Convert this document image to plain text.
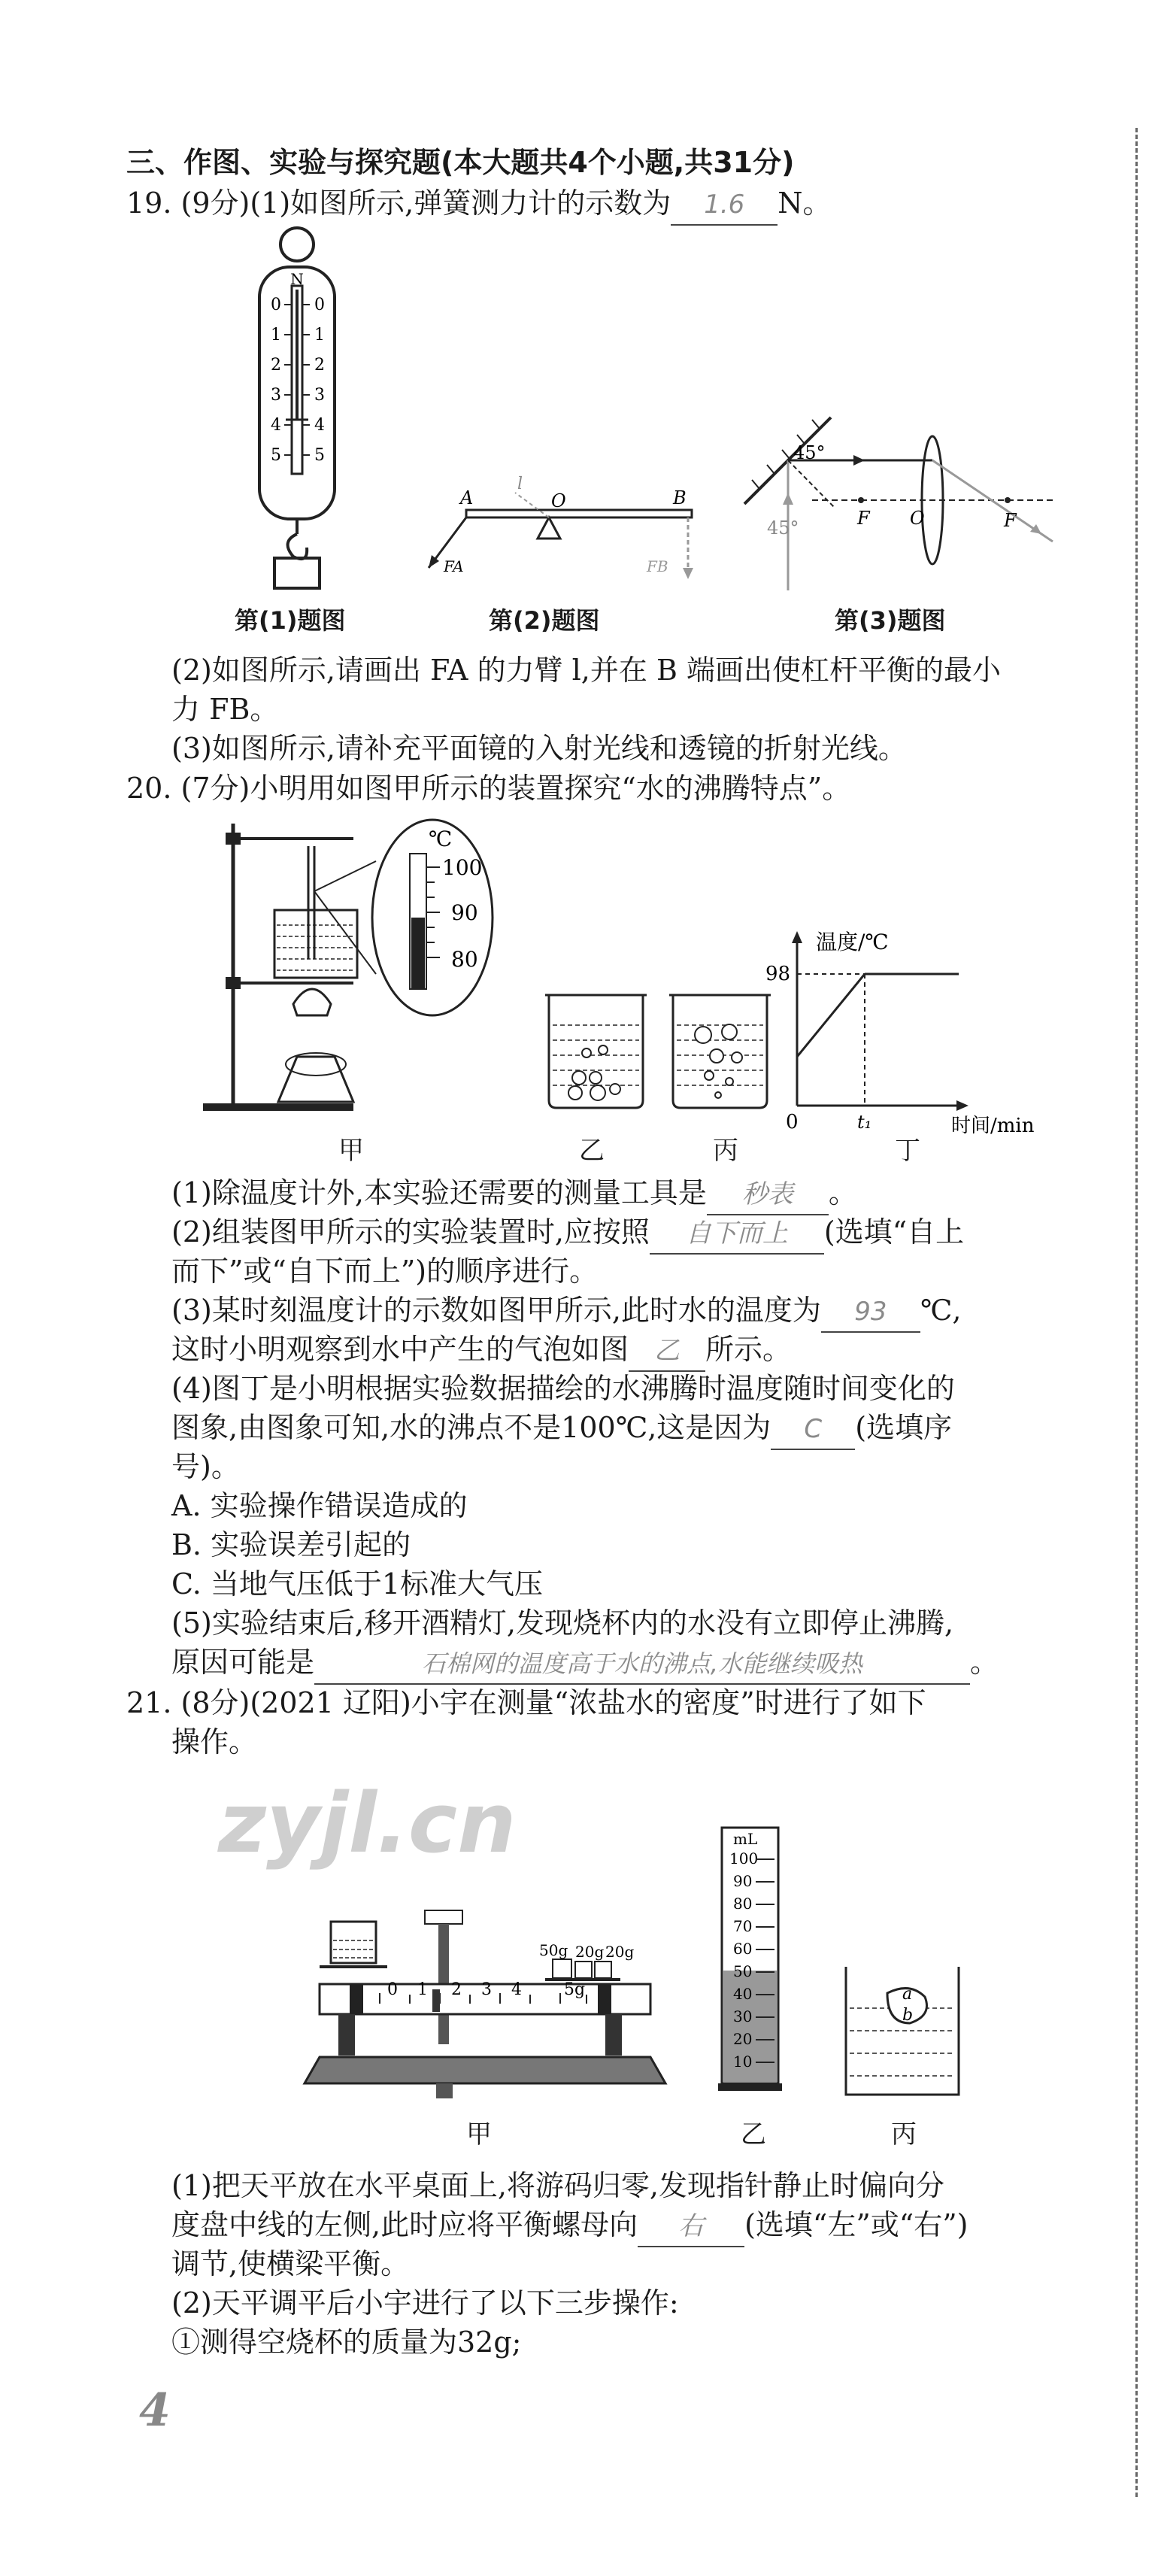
三、作图、实验与探究题(本大题共4个小题,共31分)
19. (9分)(1)如图所示,弹簧测力计的示数为 1.6 N。
N
0
1
2
3
4
5
0
1
2
3
4
5
第(1)题图
A	O	B
l
FA	FB
第(2)题图
45°
45°	F O	F
第(3)题图
(2)如图所示,请画出 FA 的力臂 l,并在 B 端画出使杠杆平衡的最小
力 FB。
(3)如图所示,请补充平面镜的入射光线和透镜的折射光线。
20. (7分)小明用如图甲所示的装置探究“水的沸腾特点”。
℃
100
90
80
甲	乙	丙
温度/℃
98
0	t₁	时间/min
丁
(1)除温度计外,本实验还需要的测量工具是 秒表 。
(2)组装图甲所示的实验装置时,应按照 自下而上 (选填“自上
而下”或“自下而上”)的顺序进行。
(3)某时刻温度计的示数如图甲所示,此时水的温度为 93 ℃,
这时小明观察到水中产生的气泡如图 乙 所示。
(4)图丁是小明根据实验数据描绘的水沸腾时温度随时间变化的
图象,由图象可知,水的沸点不是100℃,这是因为 C (选填序
号)。
A. 实验操作错误造成的
B. 实验误差引起的
C. 当地气压低于1标准大气压
(5)实验结束后,移开酒精灯,发现烧杯内的水没有立即停止沸腾,
原因可能是	石棉网的温度高于水的沸点,水能继续吸热	。
21. (8分)(2021 辽阳)小宇在测量“浓盐水的密度”时进行了如下
操作。
zyjl.cn
0 1 2 3 4	5g
50g 20g 20g
甲
mL
100
90
80
70
60
50
40
30
20
10
乙
a
b
丙
(1)把天平放在水平桌面上,将游码归零,发现指针静止时偏向分
度盘中线的左侧,此时应将平衡螺母向 右 (选填“左”或“右”)
调节,使横梁平衡。
(2)天平调平后小宇进行了以下三步操作:
①测得空烧杯的质量为32g;
4
